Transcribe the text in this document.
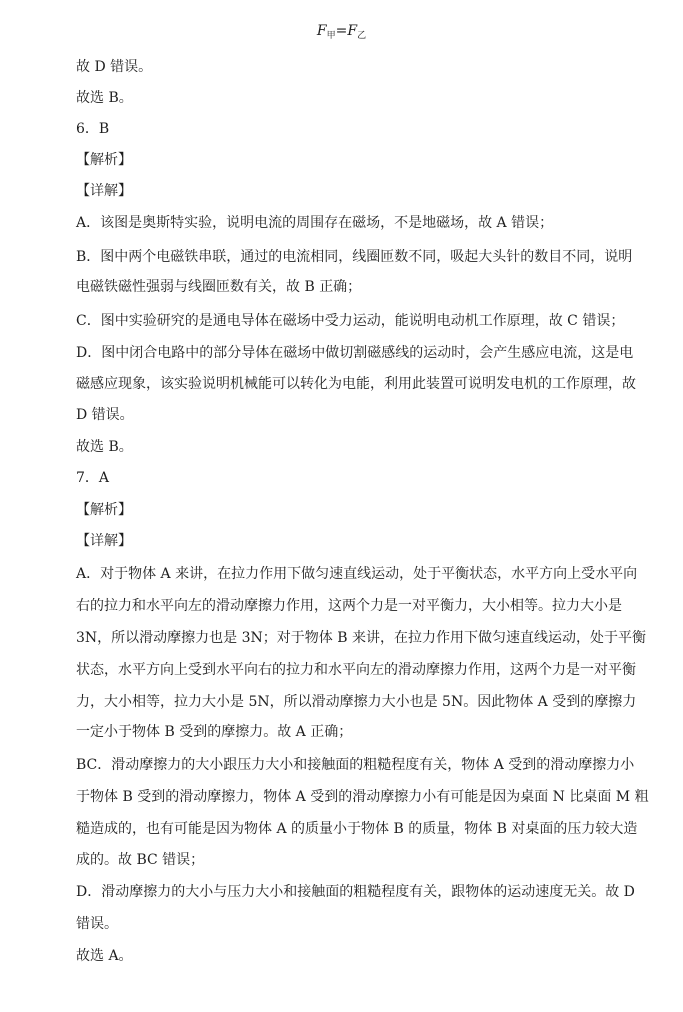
$F_甲=F_乙$
故 D 错误。
故选 B。
6．B
【解析】
【详解】
A．该图是奥斯特实验，说明电流的周围存在磁场，不是地磁场，故 A 错误；
B．图中两个电磁铁串联，通过的电流相同，线圈匝数不同，吸起大头针的数目不同，说明
电磁铁磁性强弱与线圈匝数有关，故 B 正确；
C．图中实验研究的是通电导体在磁场中受力运动，能说明电动机工作原理，故 C 错误；
D．图中闭合电路中的部分导体在磁场中做切割磁感线的运动时，会产生感应电流，这是电
磁感应现象，该实验说明机械能可以转化为电能，利用此装置可说明发电机的工作原理，故
D 错误。
故选 B。
7．A
【解析】
【详解】
A．对于物体 A 来讲，在拉力作用下做匀速直线运动，处于平衡状态，水平方向上受水平向
右的拉力和水平向左的滑动摩擦力作用，这两个力是一对平衡力，大小相等。拉力大小是
3N，所以滑动摩擦力也是 3N；对于物体 B 来讲，在拉力作用下做匀速直线运动，处于平衡
状态，水平方向上受到水平向右的拉力和水平向左的滑动摩擦力作用，这两个力是一对平衡
力，大小相等，拉力大小是 5N，所以滑动摩擦力大小也是 5N。因此物体 A 受到的摩擦力
一定小于物体 B 受到的摩擦力。故 A 正确；
BC．滑动摩擦力的大小跟压力大小和接触面的粗糙程度有关，物体 A 受到的滑动摩擦力小
于物体 B 受到的滑动摩擦力，物体 A 受到的滑动摩擦力小有可能是因为桌面 N 比桌面 M 粗
糙造成的，也有可能是因为物体 A 的质量小于物体 B 的质量，物体 B 对桌面的压力较大造
成的。故 BC 错误；
D．滑动摩擦力的大小与压力大小和接触面的粗糙程度有关，跟物体的运动速度无关。故 D
错误。
故选 A。
